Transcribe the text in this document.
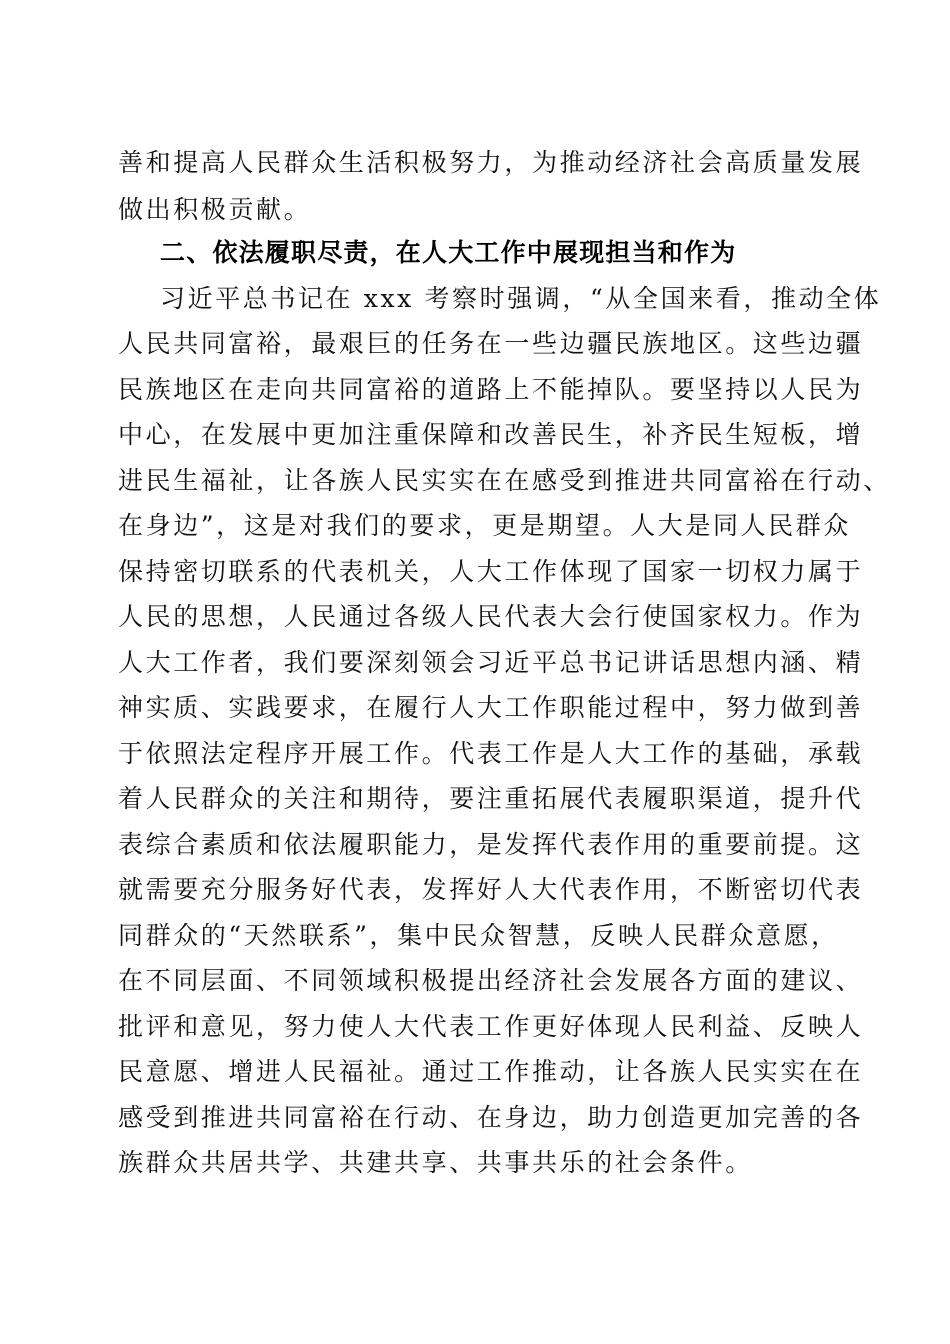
善和提高人民群众生活积极努力，为推动经济社会高质量发展
做出积极贡献。
二、依法履职尽责，在人大工作中展现担当和作为
习近平总书记在 xxx 考察时强调，“从全国来看，推动全体
人民共同富裕，最艰巨的任务在一些边疆民族地区。这些边疆
民族地区在走向共同富裕的道路上不能掉队。要坚持以人民为
中心，在发展中更加注重保障和改善民生，补齐民生短板，增
进民生福祉，让各族人民实实在在感受到推进共同富裕在行动、
在身边”，这是对我们的要求，更是期望。人大是同人民群众
保持密切联系的代表机关，人大工作体现了国家一切权力属于
人民的思想，人民通过各级人民代表大会行使国家权力。作为
人大工作者，我们要深刻领会习近平总书记讲话思想内涵、精
神实质、实践要求，在履行人大工作职能过程中，努力做到善
于依照法定程序开展工作。代表工作是人大工作的基础，承载
着人民群众的关注和期待，要注重拓展代表履职渠道，提升代
表综合素质和依法履职能力，是发挥代表作用的重要前提。这
就需要充分服务好代表，发挥好人大代表作用，不断密切代表
同群众的“天然联系”，集中民众智慧，反映人民群众意愿，
在不同层面、不同领域积极提出经济社会发展各方面的建议、
批评和意见，努力使人大代表工作更好体现人民利益、反映人
民意愿、增进人民福祉。通过工作推动，让各族人民实实在在
感受到推进共同富裕在行动、在身边，助力创造更加完善的各
族群众共居共学、共建共享、共事共乐的社会条件。
